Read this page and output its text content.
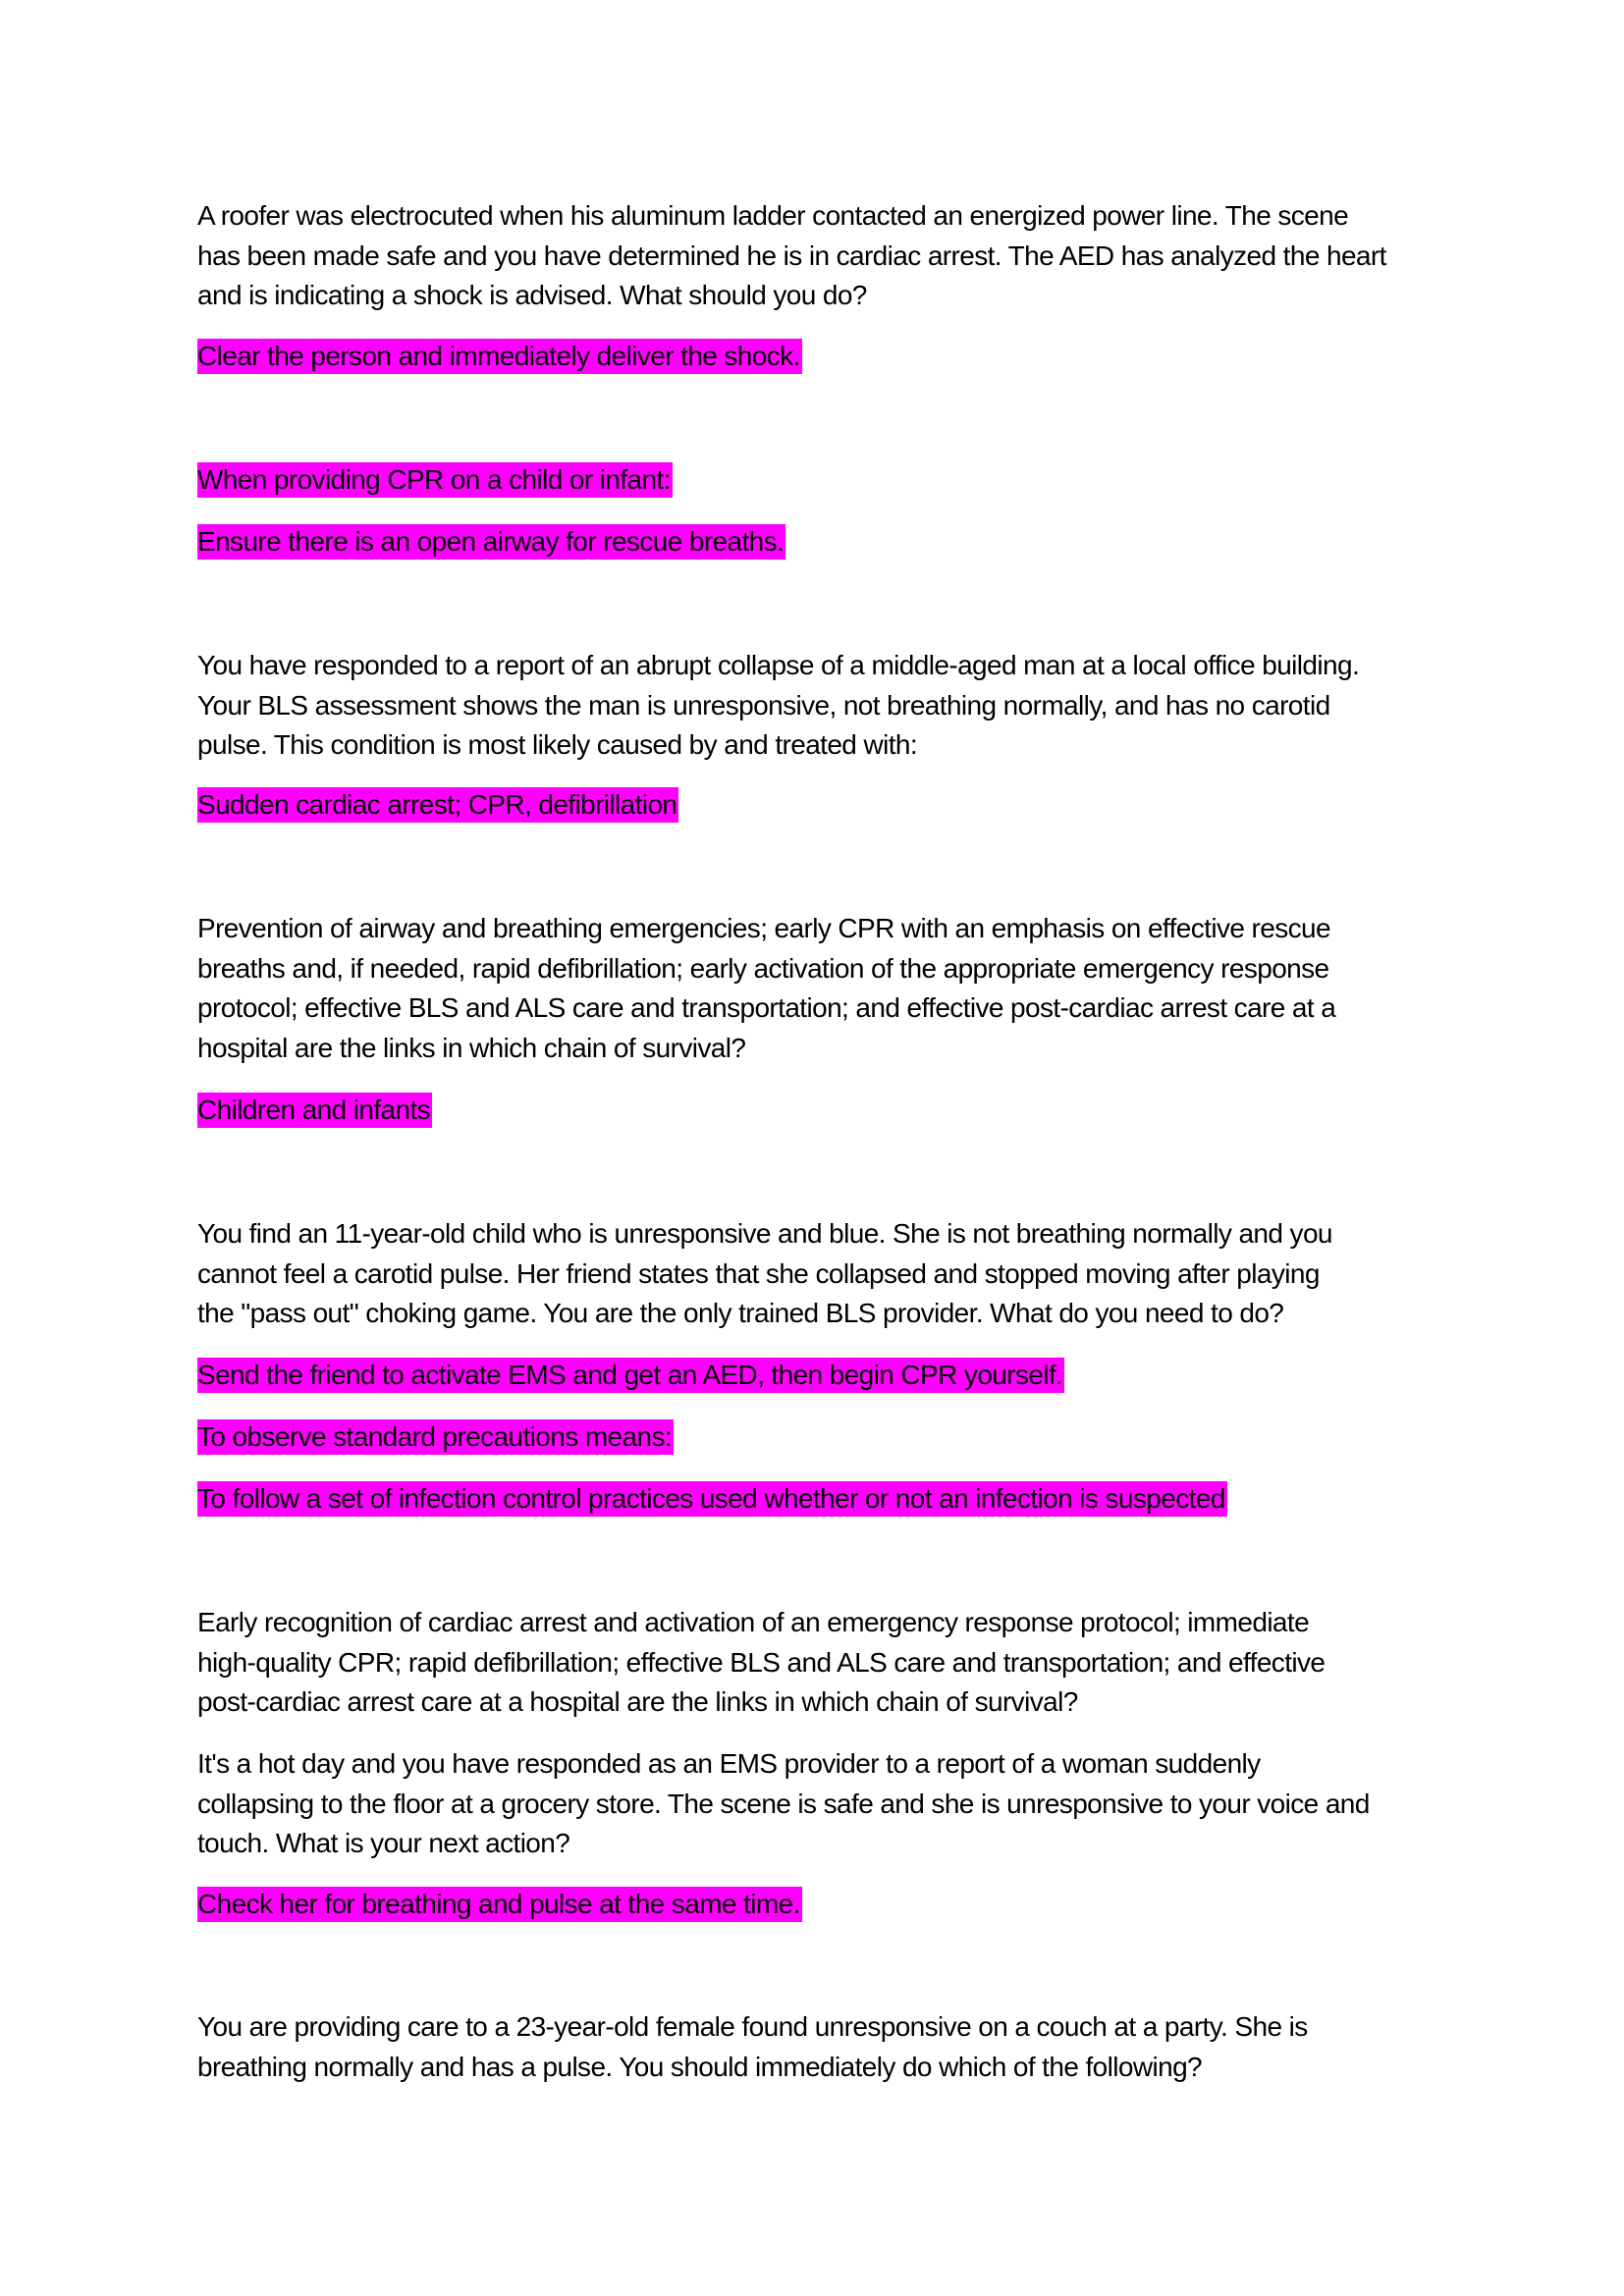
A roofer was electrocuted when his aluminum ladder contacted an energized power line. The scene
has been made safe and you have determined he is in cardiac arrest. The AED has analyzed the heart
and is indicating a shock is advised. What should you do?
Clear the person and immediately deliver the shock.
When providing CPR on a child or infant:
Ensure there is an open airway for rescue breaths.
You have responded to a report of an abrupt collapse of a middle-aged man at a local office building.
Your BLS assessment shows the man is unresponsive, not breathing normally, and has no carotid
pulse. This condition is most likely caused by and treated with:
Sudden cardiac arrest; CPR, defibrillation
Prevention of airway and breathing emergencies; early CPR with an emphasis on effective rescue
breaths and, if needed, rapid defibrillation; early activation of the appropriate emergency response
protocol; effective BLS and ALS care and transportation; and effective post-cardiac arrest care at a
hospital are the links in which chain of survival?
Children and infants
You find an 11-year-old child who is unresponsive and blue. She is not breathing normally and you
cannot feel a carotid pulse. Her friend states that she collapsed and stopped moving after playing
the "pass out" choking game. You are the only trained BLS provider. What do you need to do?
Send the friend to activate EMS and get an AED, then begin CPR yourself.
To observe standard precautions means:
To follow a set of infection control practices used whether or not an infection is suspected
Early recognition of cardiac arrest and activation of an emergency response protocol; immediate
high-quality CPR; rapid defibrillation; effective BLS and ALS care and transportation; and effective
post-cardiac arrest care at a hospital are the links in which chain of survival?
It's a hot day and you have responded as an EMS provider to a report of a woman suddenly
collapsing to the floor at a grocery store. The scene is safe and she is unresponsive to your voice and
touch. What is your next action?
Check her for breathing and pulse at the same time.
You are providing care to a 23-year-old female found unresponsive on a couch at a party. She is
breathing normally and has a pulse. You should immediately do which of the following?
